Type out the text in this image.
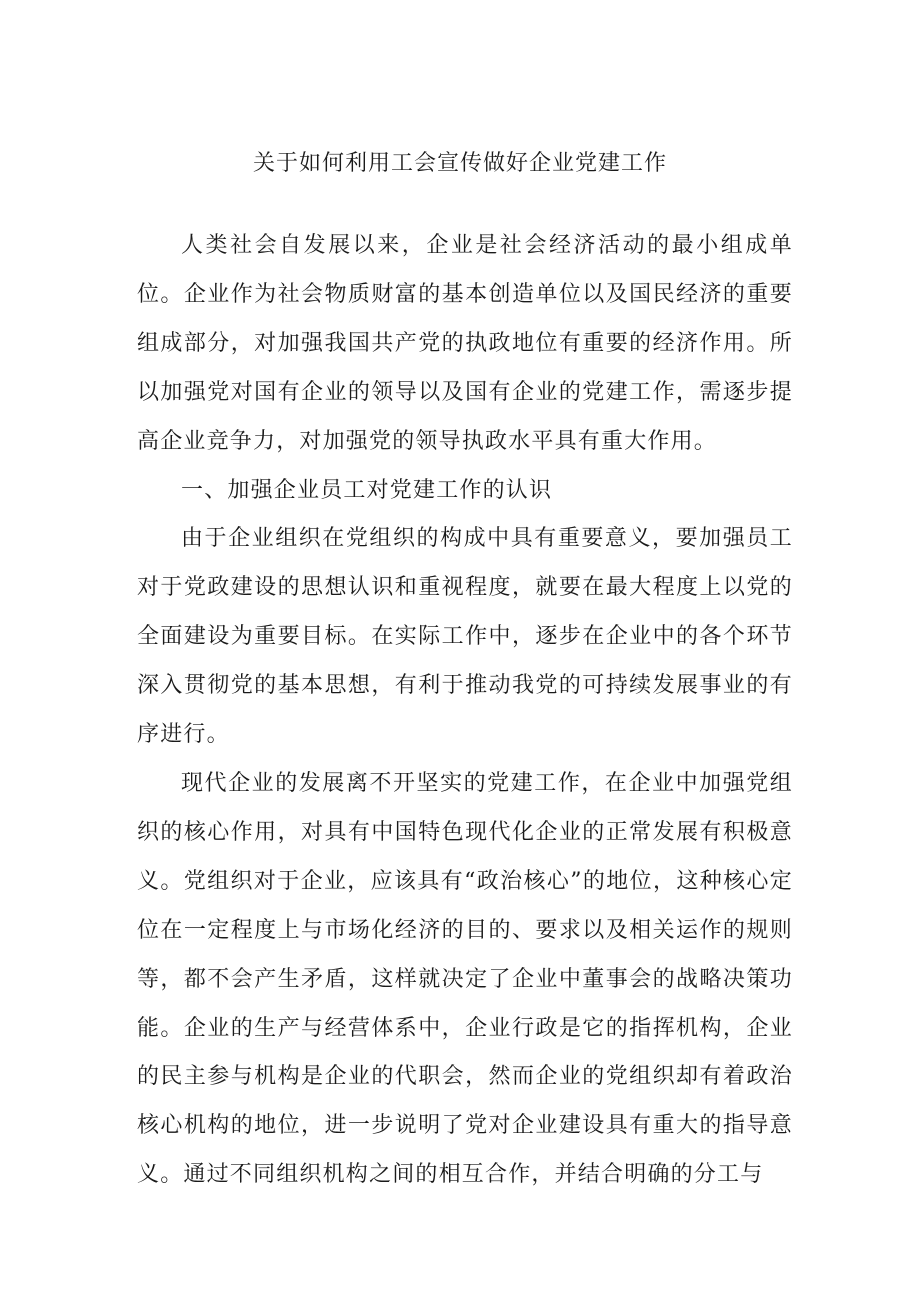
关于如何利用工会宣传做好企业党建工作

人类社会自发展以来，企业是社会经济活动的最小组成单位。企业作为社会物质财富的基本创造单位以及国民经济的重要组成部分，对加强我国共产党的执政地位有重要的经济作用。所以加强党对国有企业的领导以及国有企业的党建工作，需逐步提高企业竞争力，对加强党的领导执政水平具有重大作用。

一、加强企业员工对党建工作的认识

由于企业组织在党组织的构成中具有重要意义，要加强员工对于党政建设的思想认识和重视程度，就要在最大程度上以党的全面建设为重要目标。在实际工作中，逐步在企业中的各个环节深入贯彻党的基本思想，有利于推动我党的可持续发展事业的有序进行。

现代企业的发展离不开坚实的党建工作，在企业中加强党组织的核心作用，对具有中国特色现代化企业的正常发展有积极意义。党组织对于企业，应该具有“政治核心”的地位，这种核心定位在一定程度上与市场化经济的目的、要求以及相关运作的规则等，都不会产生矛盾，这样就决定了企业中董事会的战略决策功能。企业的生产与经营体系中，企业行政是它的指挥机构，企业的民主参与机构是企业的代职会，然而企业的党组织却有着政治核心机构的地位，进一步说明了党对企业建设具有重大的指导意义。通过不同组织机构之间的相互合作，并结合明确的分工与
